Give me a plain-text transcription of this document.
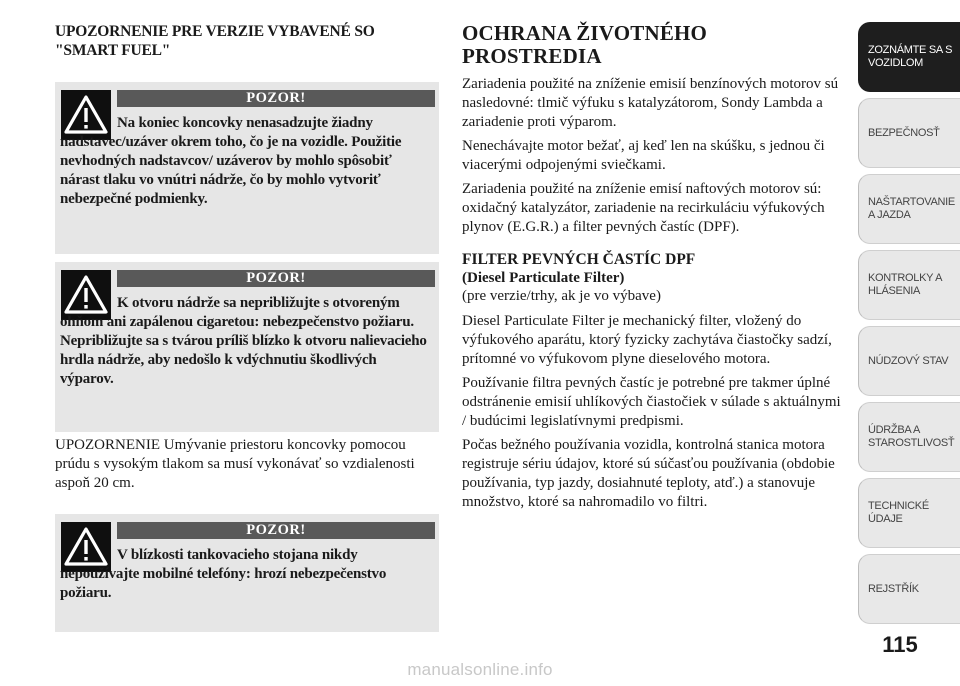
UPOZORNENIE PRE VERZIE VYBAVENÉ SO "SMART FUEL"

POZOR!
Na koniec koncovky nenasadzujte žiadny nadstavec/uzáver okrem toho, čo je na vozidle. Použitie nevhodných nadstavcov/ uzáverov by mohlo spôsobiť nárast tlaku vo vnútri nádrže, čo by mohlo vytvoriť nebezpečné podmienky.
POZOR!
K otvoru nádrže sa nepribližujte s otvoreným ohňom ani zapálenou cigaretou: nebezpečenstvo požiaru. Nepribližujte sa s tvárou príliš blízko k otvoru nalievacieho hrdla nádrže, aby nedošlo k vdýchnutiu škodlivých výparov.

UPOZORNENIE Umývanie priestoru koncovky pomocou prúdu s vysokým tlakom sa musí vykonávať so vzdialenosti aspoň 20 cm.

POZOR!
V blízkosti tankovacieho stojana nikdy nepoužívajte mobilné telefóny: hrozí nebezpečenstvo požiaru.
OCHRANA ŽIVOTNÉHO PROSTREDIA

Zariadenia použité na zníženie emisií benzínových motorov sú nasledovné: tlmič výfuku s katalyzátorom, Sondy Lambda a zariadenie proti výparom.

Nenechávajte motor bežať, aj keď len na skúšku, s jednou či viacerými odpojenými sviečkami.

Zariadenia použité na zníženie emisí naftových motorov sú: oxidačný katalyzátor, zariadenie na recirkuláciu výfukových plynov (E.G.R.) a filter pevných častíc (DPF).

FILTER PEVNÝCH ČASTÍC DPF

(Diesel Particulate Filter)

(pre verzie/trhy, ak je vo výbave)

Diesel Particulate Filter je mechanický filter, vložený do výfukového aparátu, ktorý fyzicky zachytáva čiastočky sadzí, prítomné vo výfukovom plyne dieselového motora.

Používanie filtra pevných častíc je potrebné pre takmer úplné odstránenie emisií uhlíkových čiastočiek v súlade s aktuálnymi / budúcimi legislatívnymi predpismi.

Počas bežného používania vozidla, kontrolná stanica motora registruje sériu údajov, ktoré sú súčasťou používania (obdobie používania, typ jazdy, dosiahnuté teploty, atď.) a stanovuje množstvo, ktoré sa nahromadilo vo filtri.

ZOZNÁMTE SA S VOZIDLOM
BEZPEČNOSŤ
NAŠTARTOVANIE A JAZDA
KONTROLKY A HLÁSENIA
NÚDZOVÝ STAV
ÚDRŽBA A STAROSTLIVOSŤ
TECHNICKÉ ÚDAJE
REJSTŘÍK
115
manualsonline.info
